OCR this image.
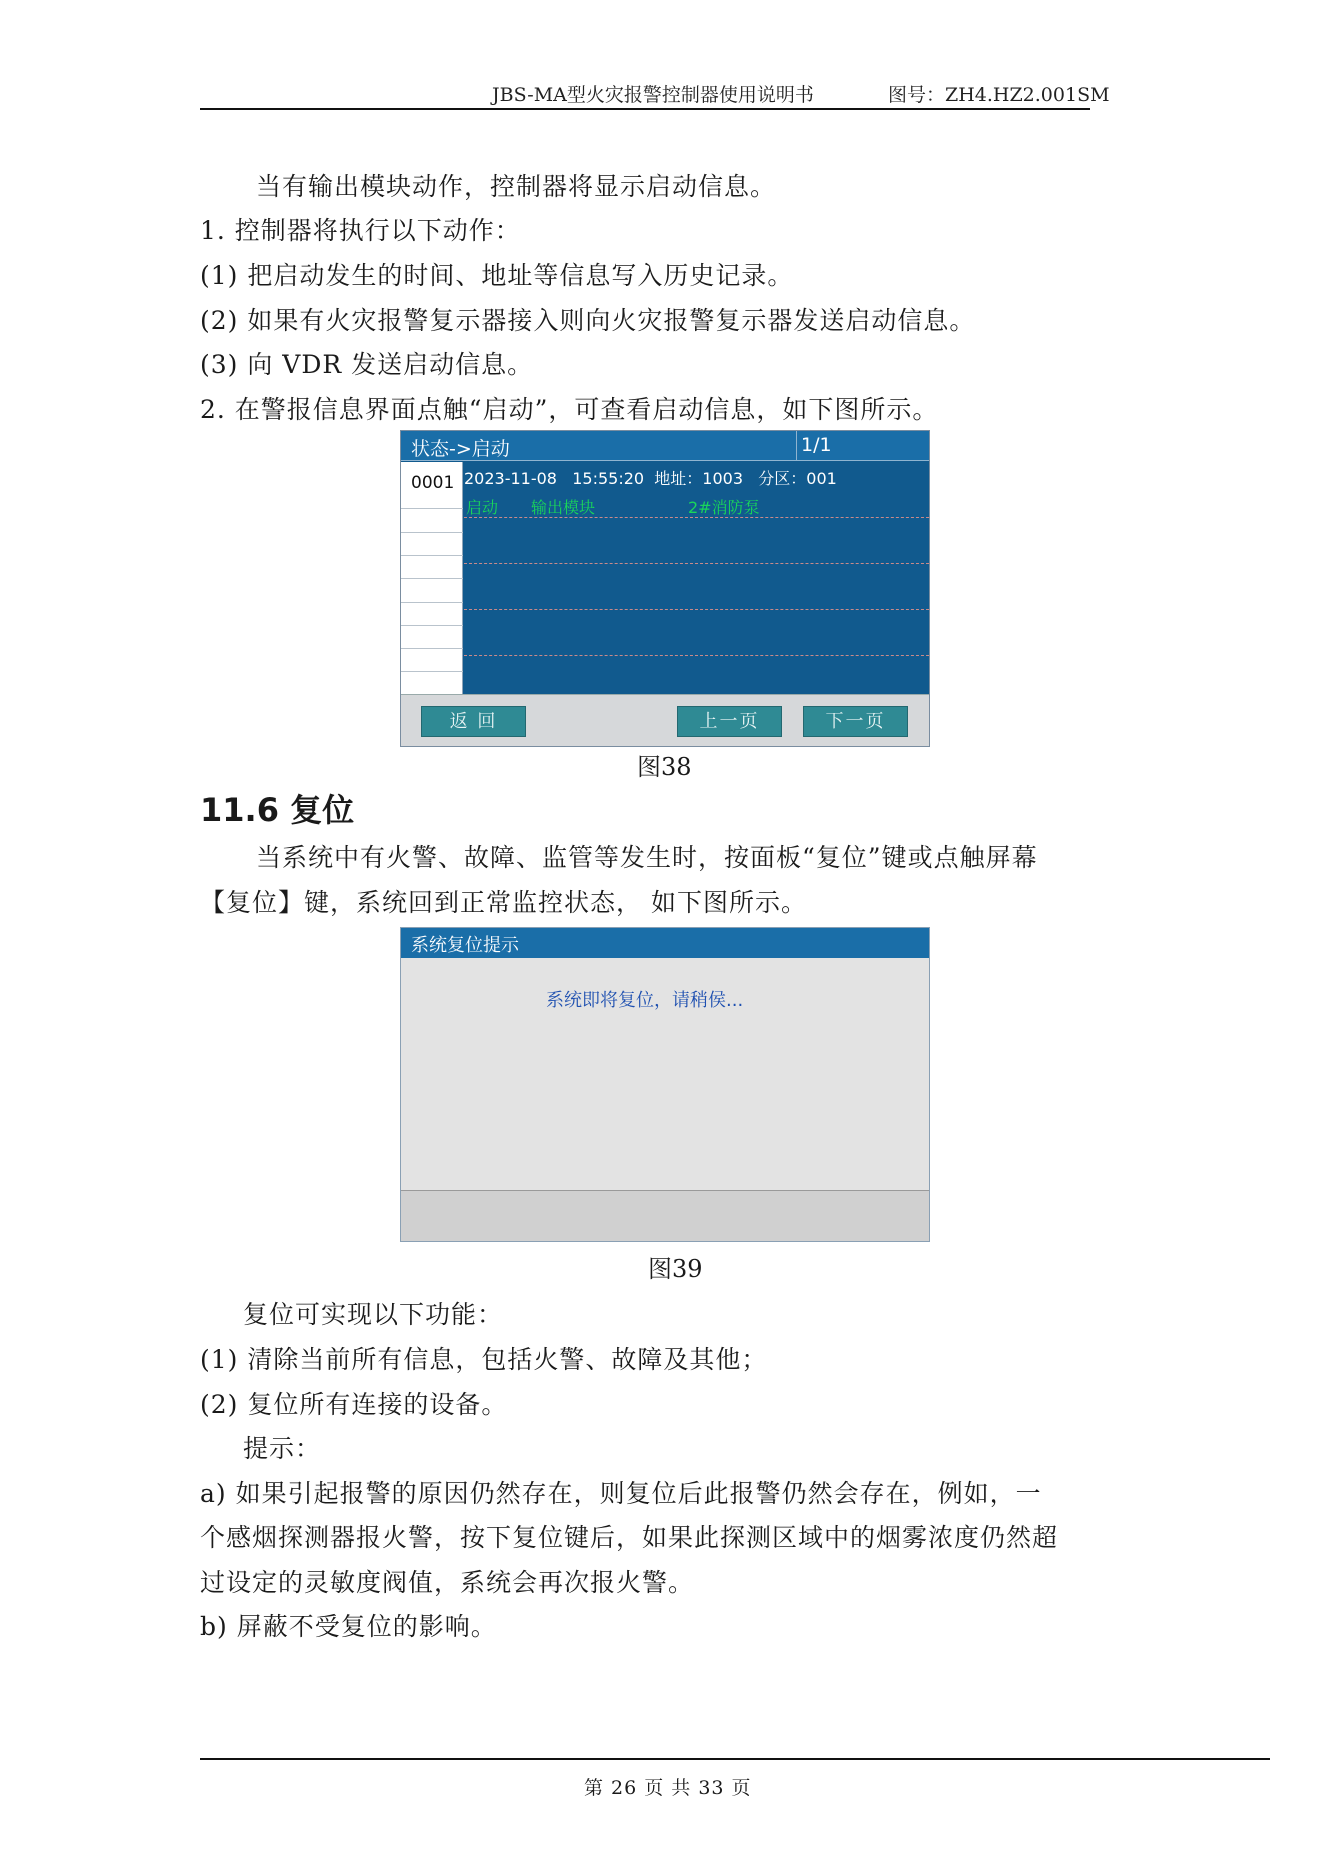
JBS-MA型火灾报警控制器使用说明书	图号：ZH4.HZ2.001SM
当有输出模块动作，控制器将显示启动信息。
1. 控制器将执行以下动作：
(1) 把启动发生的时间、地址等信息写入历史记录。
(2) 如果有火灾报警复示器接入则向火灾报警复示器发送启动信息。
(3) 向 VDR 发送启动信息。
2. 在警报信息界面点触“启动”，可查看启动信息，如下图所示。
状态->启动	1/1
0001 2023-11-08 15:55:20 地址：1003 分区：001
启动 输出模块	2#消防泵
返 回	上一页	下一页
图38
11.6 复位
当系统中有火警、故障、监管等发生时，按面板“复位”键或点触屏幕
【复位】键，系统回到正常监控状态， 如下图所示。
系统复位提示
系统即将复位，请稍侯...
图39
复位可实现以下功能：
(1) 清除当前所有信息，包括火警、故障及其他；
(2) 复位所有连接的设备。
提示：
a) 如果引起报警的原因仍然存在，则复位后此报警仍然会存在，例如，一
个感烟探测器报火警，按下复位键后，如果此探测区域中的烟雾浓度仍然超
过设定的灵敏度阀值，系统会再次报火警。
b) 屏蔽不受复位的影响。
第 26 页 共 33 页
